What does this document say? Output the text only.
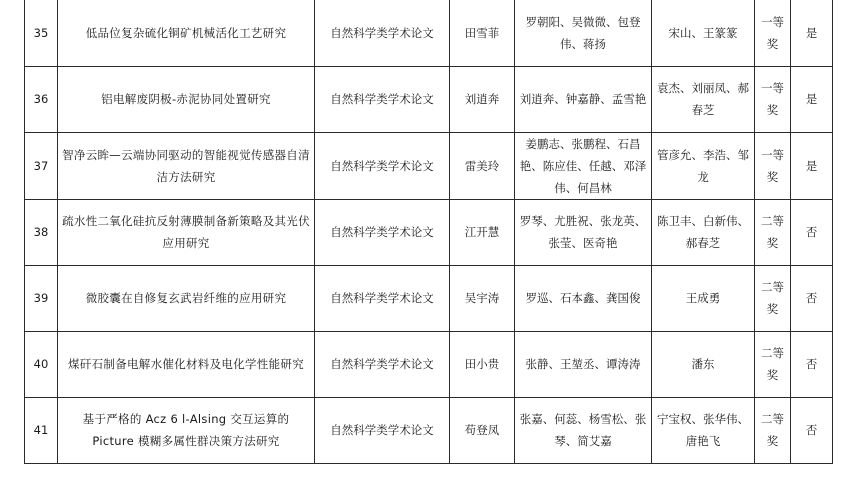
35	低品位复杂硫化铜矿机械活化工艺研究	自然科学类学术论文	田雪菲	罗朝阳、吴微微、包登伟、蒋扬	宋山、王篆篆	一等奖	是
36	铝电解废阴极-赤泥协同处置研究	自然科学类学术论文	刘逍奔	刘逍奔、钟嘉静、孟雪艳	袁杰、刘丽凤、郝春芝	一等奖	是
37	智净云眸—云端协同驱动的智能视觉传感器自清洁方法研究	自然科学类学术论文	雷美玲	姜鹏志、张鹏程、石昌艳、陈应佳、任越、邓泽伟、何昌林	管彦允、李浩、邹龙	一等奖	是
38	疏水性二氧化硅抗反射薄膜制备新策略及其光伏应用研究	自然科学类学术论文	江开慧	罗琴、尤胜祝、张龙英、张莹、医奇艳	陈卫丰、白新伟、郝春芝	二等奖	否
39	微胶囊在自修复玄武岩纤维的应用研究	自然科学类学术论文	吴宇涛	罗巡、石本鑫、龚国俊	王成勇	二等奖	否
40	煤矸石制备电解水催化材料及电化学性能研究	自然科学类学术论文	田小贵	张静、王堃丞、谭涛涛	潘东	二等奖	否
41	基于严格的 Acz 6 l-Alsing 交互运算的 Picture 模糊多属性群决策方法研究	自然科学类学术论文	苟登凤	张嘉、何蕊、杨雪松、张琴、简艾嘉	宁宝权、张华伟、唐艳飞	二等奖	否
